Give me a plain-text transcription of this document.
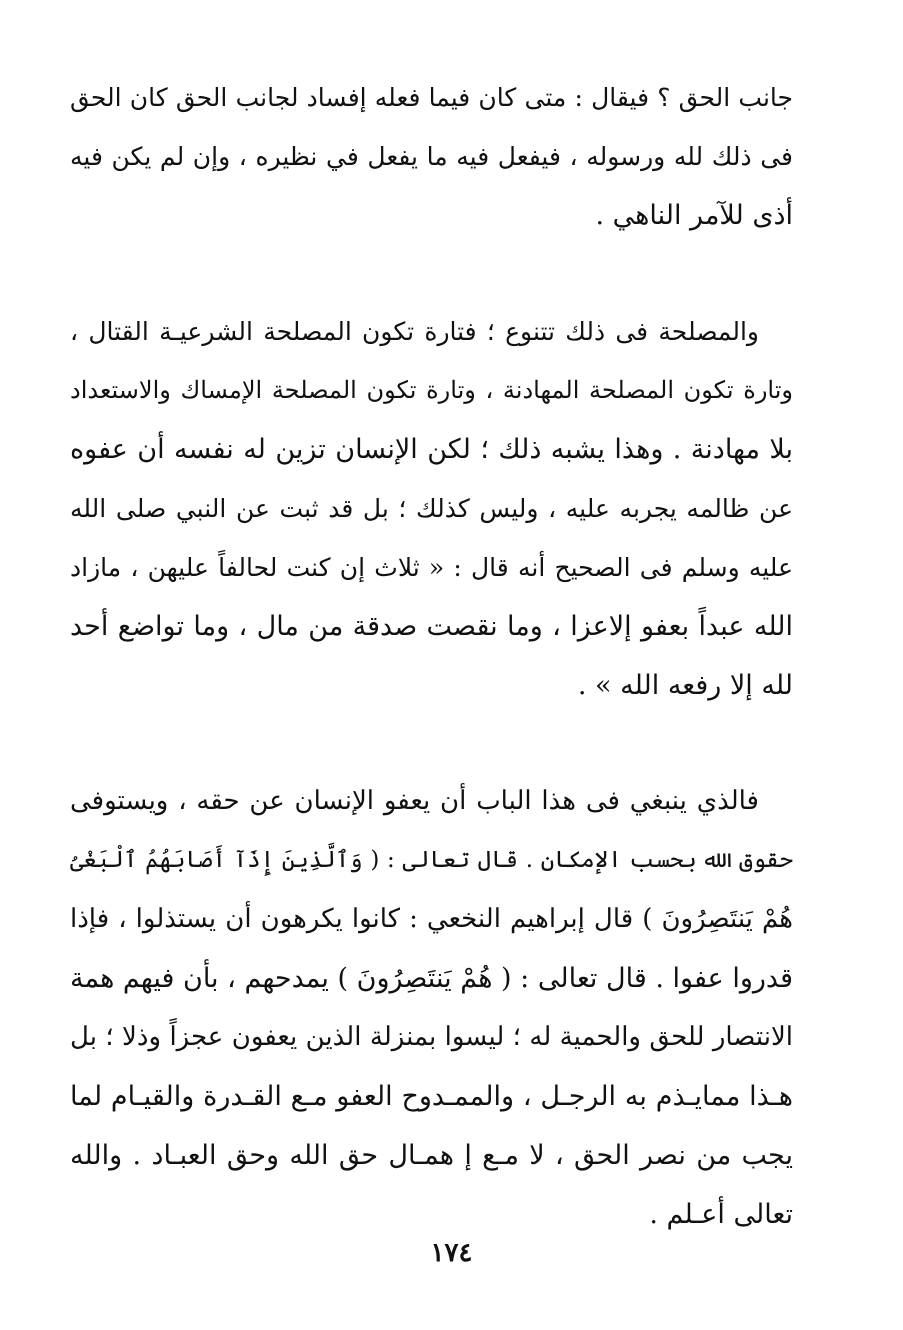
جانب الحق ؟ فيقال : متى كان فيما فعله إفساد لجانب الحق كان الحق
فى ذلك لله ورسوله ، فيفعل فيه ما يفعل في نظيره ، وإن لم يكن فيه
أذى للآمر الناهي .
والمصلحة فى ذلك تتنوع ؛ فتارة تكون المصلحة الشرعيـة القتال ،
وتارة تكون المصلحة المهادنة ، وتارة تكون المصلحة الإمساك والاستعداد
بلا مهادنة . وهذا يشبه ذلك ؛ لكن الإنسان تزين له نفسه أن عفوه
عن ظالمه يجربه عليه ، وليس كذلك ؛ بل قد ثبت عن النبي صلى الله
عليه وسلم فى الصحيح أنه قال : « ثلاث إن كنت لحالفاً عليهن ، مازاد
الله عبداً بعفو إلاعزا ، وما نقصت صدقة من مال ، وما تواضع أحد
لله إلا رفعه الله » .
فالذي ينبغي فى هذا الباب أن يعفو الإنسان عن حقه ، ويستوفى
حقوق الله بحسب الإمكان . قال تعالى : ( وَٱلَّذِينَ إِذَآ أَصَابَهُمُ ٱلْبَغْىُ
هُمْ يَنتَصِرُونَ ) قال إبراهيم النخعي : كانوا يكرهون أن يستذلوا ، فإذا
قدروا عفوا . قال تعالى : ( هُمْ يَنتَصِرُونَ ) يمدحهم ، بأن فيهم همة
الانتصار للحق والحمية له ؛ ليسوا بمنزلة الذين يعفون عجزاً وذلا ؛ بل
هـذا ممايـذم به الرجـل ، والممـدوح العفو مـع القـدرة والقيـام لما
يجب من نصر الحق ، لا مـع إ همـال حق الله وحق العبـاد . والله
تعالى أعـلم .
١٧٤
